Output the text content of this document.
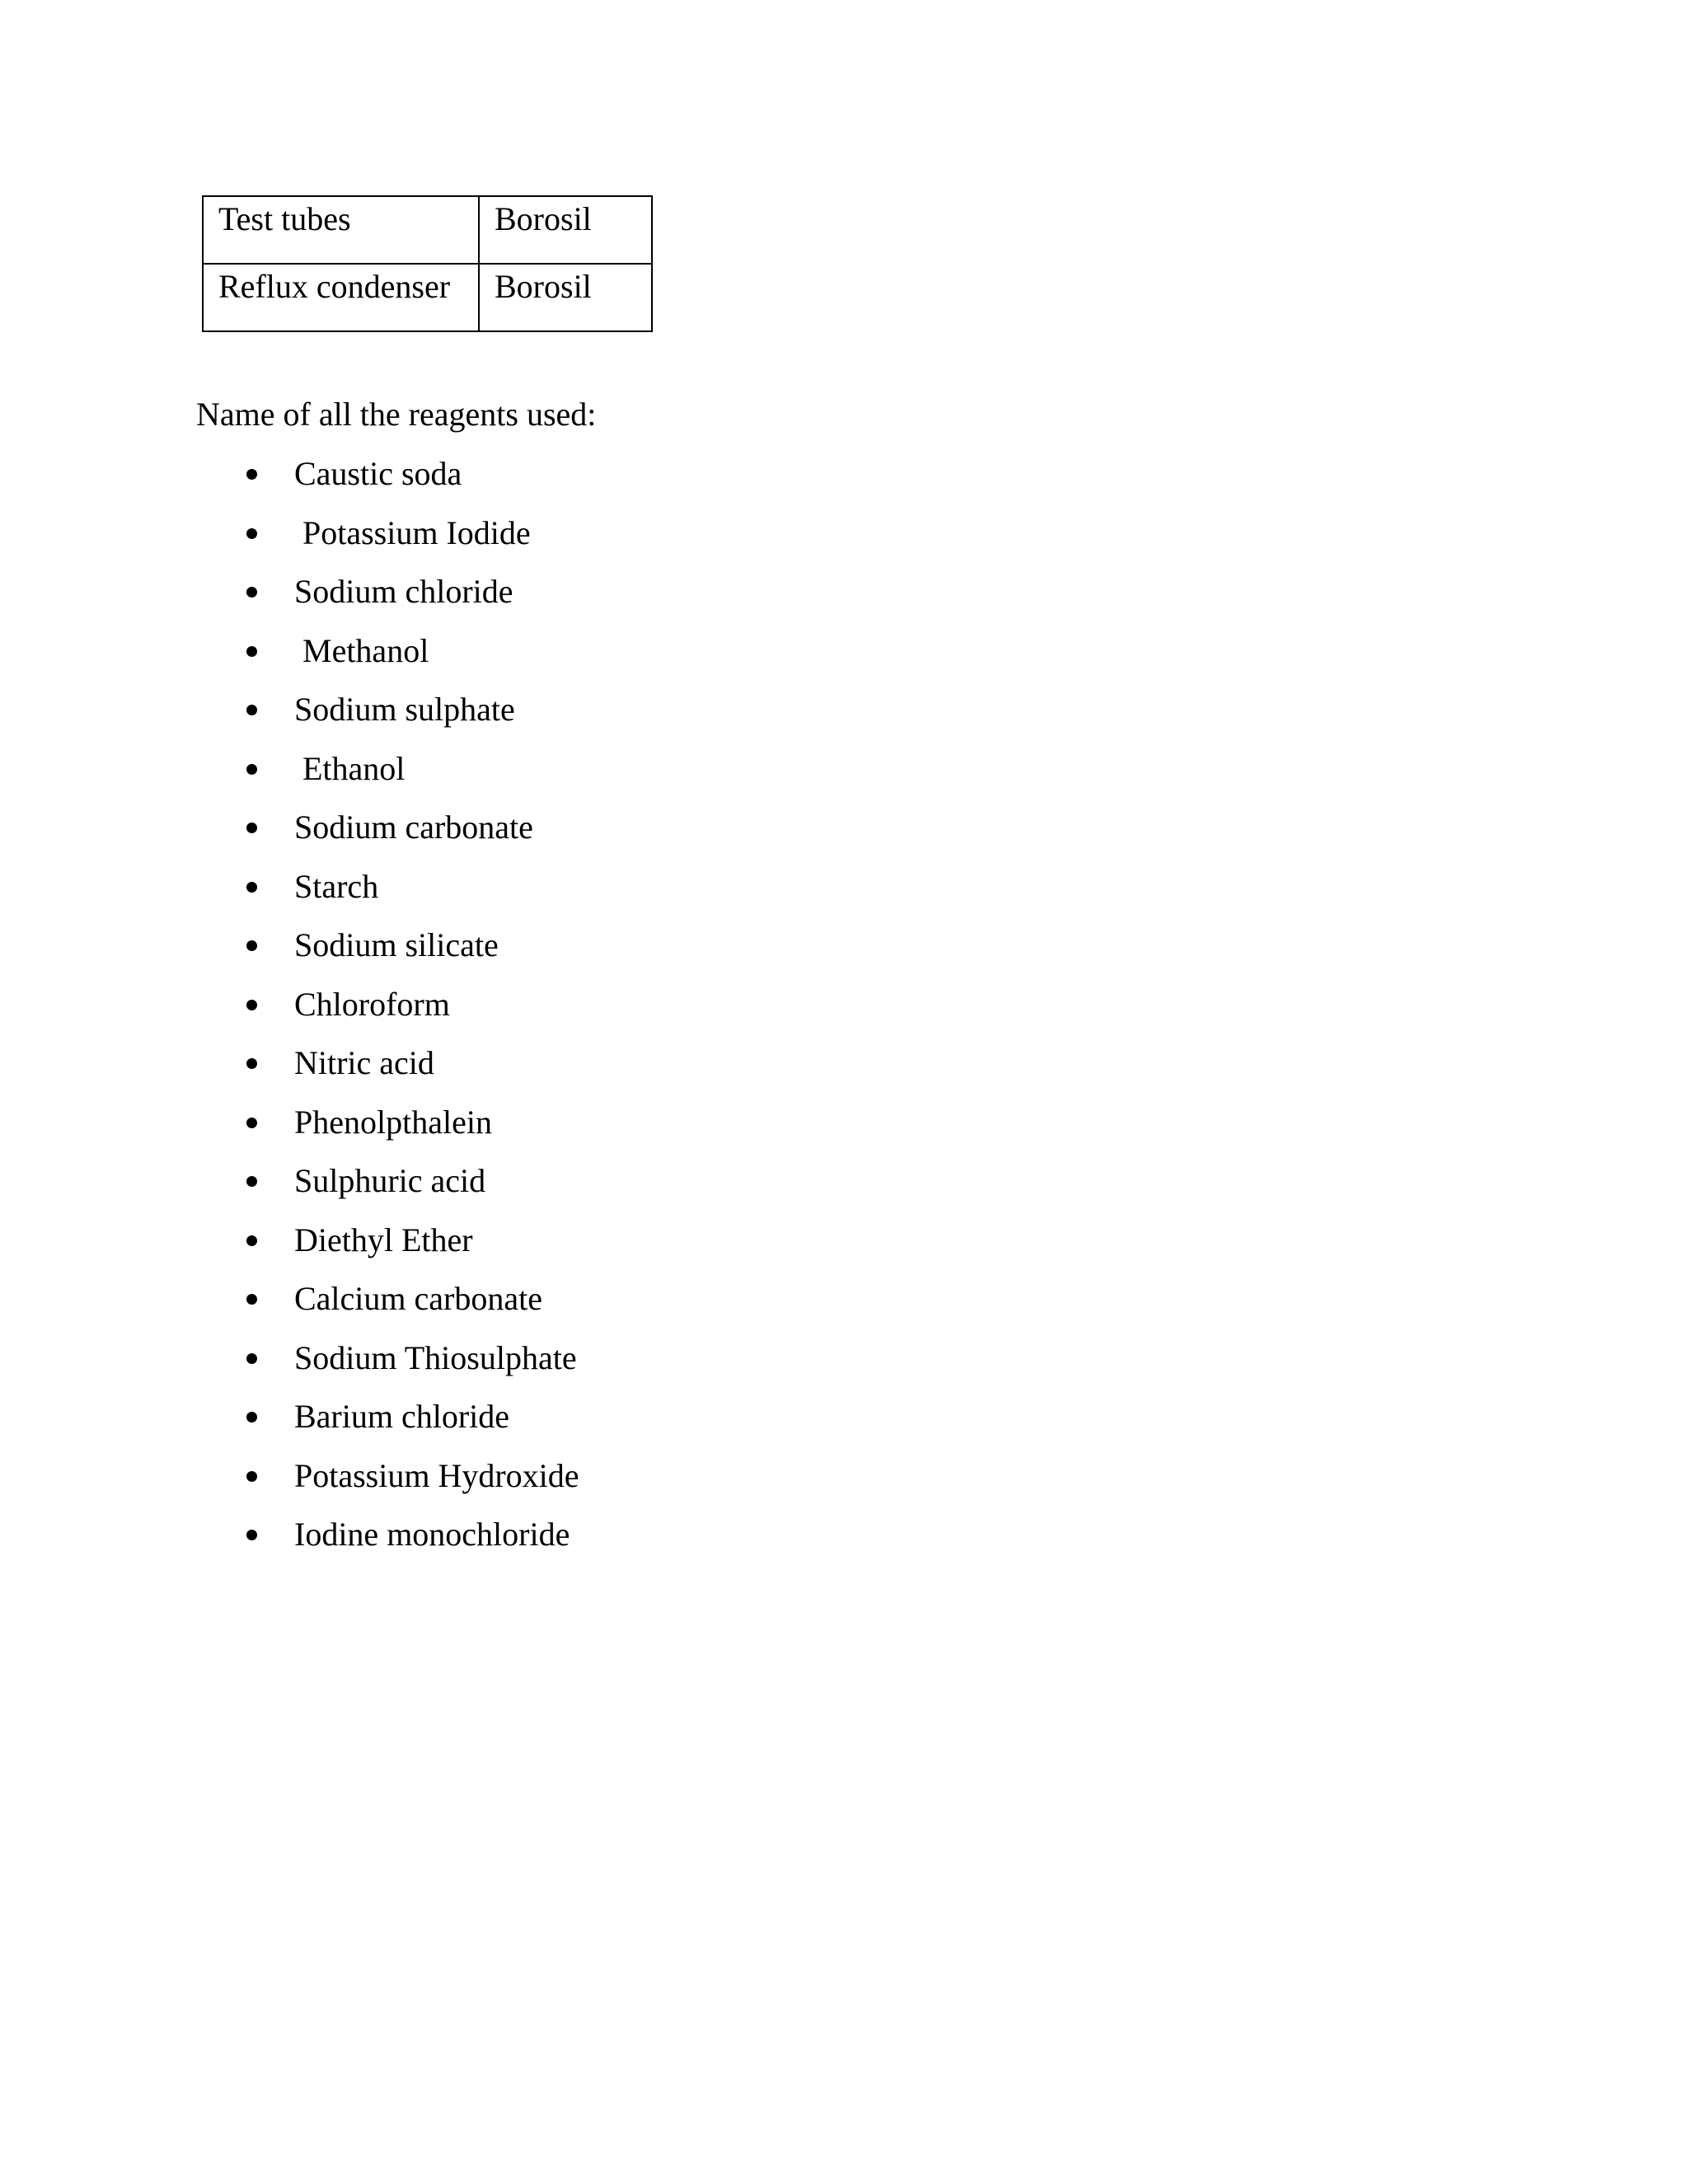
Test tubes	Borosil
Reflux condenser	Borosil

Name of all the reagents used:

Caustic soda
Potassium Iodide
Sodium chloride
Methanol
Sodium sulphate
Ethanol
Sodium carbonate
Starch
Sodium silicate
Chloroform
Nitric acid
Phenolpthalein
Sulphuric acid
Diethyl Ether
Calcium carbonate
Sodium Thiosulphate
Barium chloride
Potassium Hydroxide
Iodine monochloride
